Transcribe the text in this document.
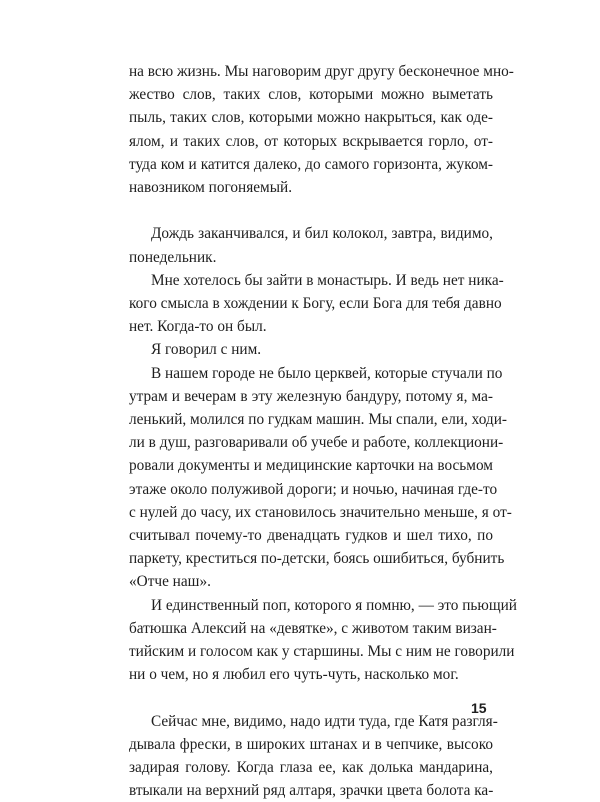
на всю жизнь. Мы наговорим друг другу бесконечное мно-
жество слов, таких слов, которыми можно выметать
пыль, таких слов, которыми можно накрыться, как оде-
ялом, и таких слов, от которых вскрывается горло, от-
туда ком и катится далеко, до самого горизонта, жуком-
навозником погоняемый.
Дождь заканчивался, и бил колокол, завтра, видимо,
понедельник.
Мне хотелось бы зайти в монастырь. И ведь нет ника-
кого смысла в хождении к Богу, если Бога для тебя давно
нет. Когда-то он был.
Я говорил с ним.
В нашем городе не было церквей, которые стучали по
утрам и вечерам в эту железную бандуру, потому я, ма-
ленький, молился по гудкам машин. Мы спали, ели, ходи-
ли в душ, разговаривали об учебе и работе, коллекциони-
ровали документы и медицинские карточки на восьмом
этаже около полуживой дороги; и ночью, начиная где-то
с нулей до часу, их становилось значительно меньше, я от-
считывал почему-то двенадцать гудков и шел тихо, по
паркету, креститься по-детски, боясь ошибиться, бубнить
«Отче наш».
И единственный поп, которого я помню, — это пьющий
батюшка Алексий на «девятке», с животом таким визан-
тийским и голосом как у старшины. Мы с ним не говорили
ни о чем, но я любил его чуть-чуть, насколько мог.
Сейчас мне, видимо, надо идти туда, где Катя разгля-
дывала фрески, в широких штанах и в чепчике, высоко
задирая голову. Когда глаза ее, как долька мандарина,
втыкали на верхний ряд алтаря, зрачки цвета болота ка-
15
